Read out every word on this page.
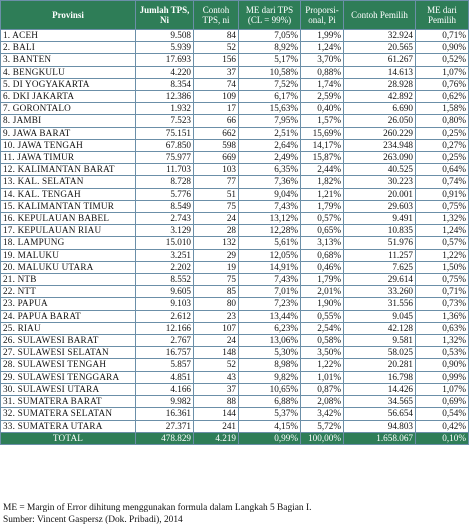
Provinsi	Jumlah TPS, Ni	Contoh TPS, ni	ME dari TPS (CL = 99%)	Proporsi-onal, Pi	Contoh Pemilih	ME dari Pemilih
1. ACEH	9.508	84	7,05%	1,99%	32.924	0,71%
2. BALI	5.939	52	8,92%	1,24%	20.565	0,90%
3. BANTEN	17.693	156	5,17%	3,70%	61.267	0,52%
4. BENGKULU	4.220	37	10,58%	0,88%	14.613	1,07%
5. DI YOGYAKARTA	8.354	74	7,52%	1,74%	28.928	0,76%
6. DKI JAKARTA	12.386	109	6,17%	2,59%	42.892	0,62%
7. GORONTALO	1.932	17	15,63%	0,40%	6.690	1,58%
8. JAMBI	7.523	66	7,95%	1,57%	26.050	0,80%
9. JAWA BARAT	75.151	662	2,51%	15,69%	260.229	0,25%
10. JAWA TENGAH	67.850	598	2,64%	14,17%	234.948	0,27%
11. JAWA TIMUR	75.977	669	2,49%	15,87%	263.090	0,25%
12. KALIMANTAN BARAT	11.703	103	6,35%	2,44%	40.525	0,64%
13. KAL. SELATAN	8.728	77	7,36%	1,82%	30.223	0,74%
14. KAL. TENGAH	5.776	51	9,04%	1,21%	20.001	0,91%
15. KALIMANTAN TIMUR	8.549	75	7,43%	1,79%	29.603	0,75%
16. KEPULAUAN BABEL	2.743	24	13,12%	0,57%	9.491	1,32%
17. KEPULAUAN RIAU	3.129	28	12,28%	0,65%	10.835	1,24%
18. LAMPUNG	15.010	132	5,61%	3,13%	51.976	0,57%
19. MALUKU	3.251	29	12,05%	0,68%	11.257	1,22%
20. MALUKU UTARA	2.202	19	14,91%	0,46%	7.625	1,50%
21. NTB	8.552	75	7,43%	1,79%	29.614	0,75%
22. NTT	9.605	85	7,01%	2,01%	33.260	0,71%
23. PAPUA	9.103	80	7,23%	1,90%	31.556	0,73%
24. PAPUA BARAT	2.612	23	13,44%	0,55%	9.045	1,36%
25. RIAU	12.166	107	6,23%	2,54%	42.128	0,63%
26. SULAWESI BARAT	2.767	24	13,06%	0,58%	9.581	1,32%
27. SULAWESI SELATAN	16.757	148	5,30%	3,50%	58.025	0,53%
28. SULAWESI TENGAH	5.857	52	8,98%	1,22%	20.281	0,90%
29. SULAWESI TENGGARA	4.851	43	9,82%	1,01%	16.798	0,99%
30. SULAWESI UTARA	4.166	37	10,65%	0,87%	14.426	1,07%
31. SUMATERA BARAT	9.982	88	6,88%	2,08%	34.565	0,69%
32. SUMATERA SELATAN	16.361	144	5,37%	3,42%	56.654	0,54%
33. SUMATERA UTARA	27.371	241	4,15%	5,72%	94.803	0,42%
TOTAL	478.829	4.219	0,99%	100,00%	1.658.067	0,10%
ME = Margin of Error dihitung menggunakan formula dalam Langkah 5 Bagian I.
Sumber: Vincent Gaspersz (Dok. Pribadi), 2014
